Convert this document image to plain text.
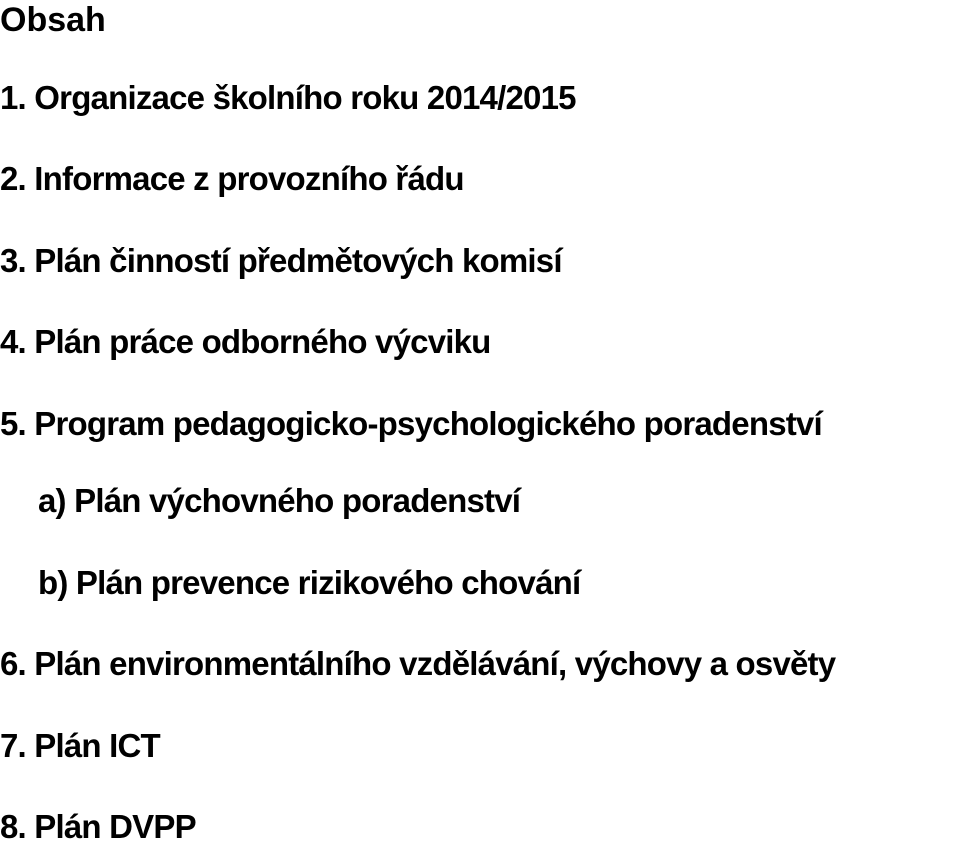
Obsah
1. Organizace školního roku 2014/2015
2. Informace z provozního řádu
3. Plán činností předmětových komisí
4. Plán práce odborného výcviku
5. Program pedagogicko-psychologického poradenství
a) Plán výchovného poradenství
b) Plán prevence rizikového chování
6. Plán environmentálního vzdělávání, výchovy a osvěty
7. Plán ICT
8. Plán DVPP
